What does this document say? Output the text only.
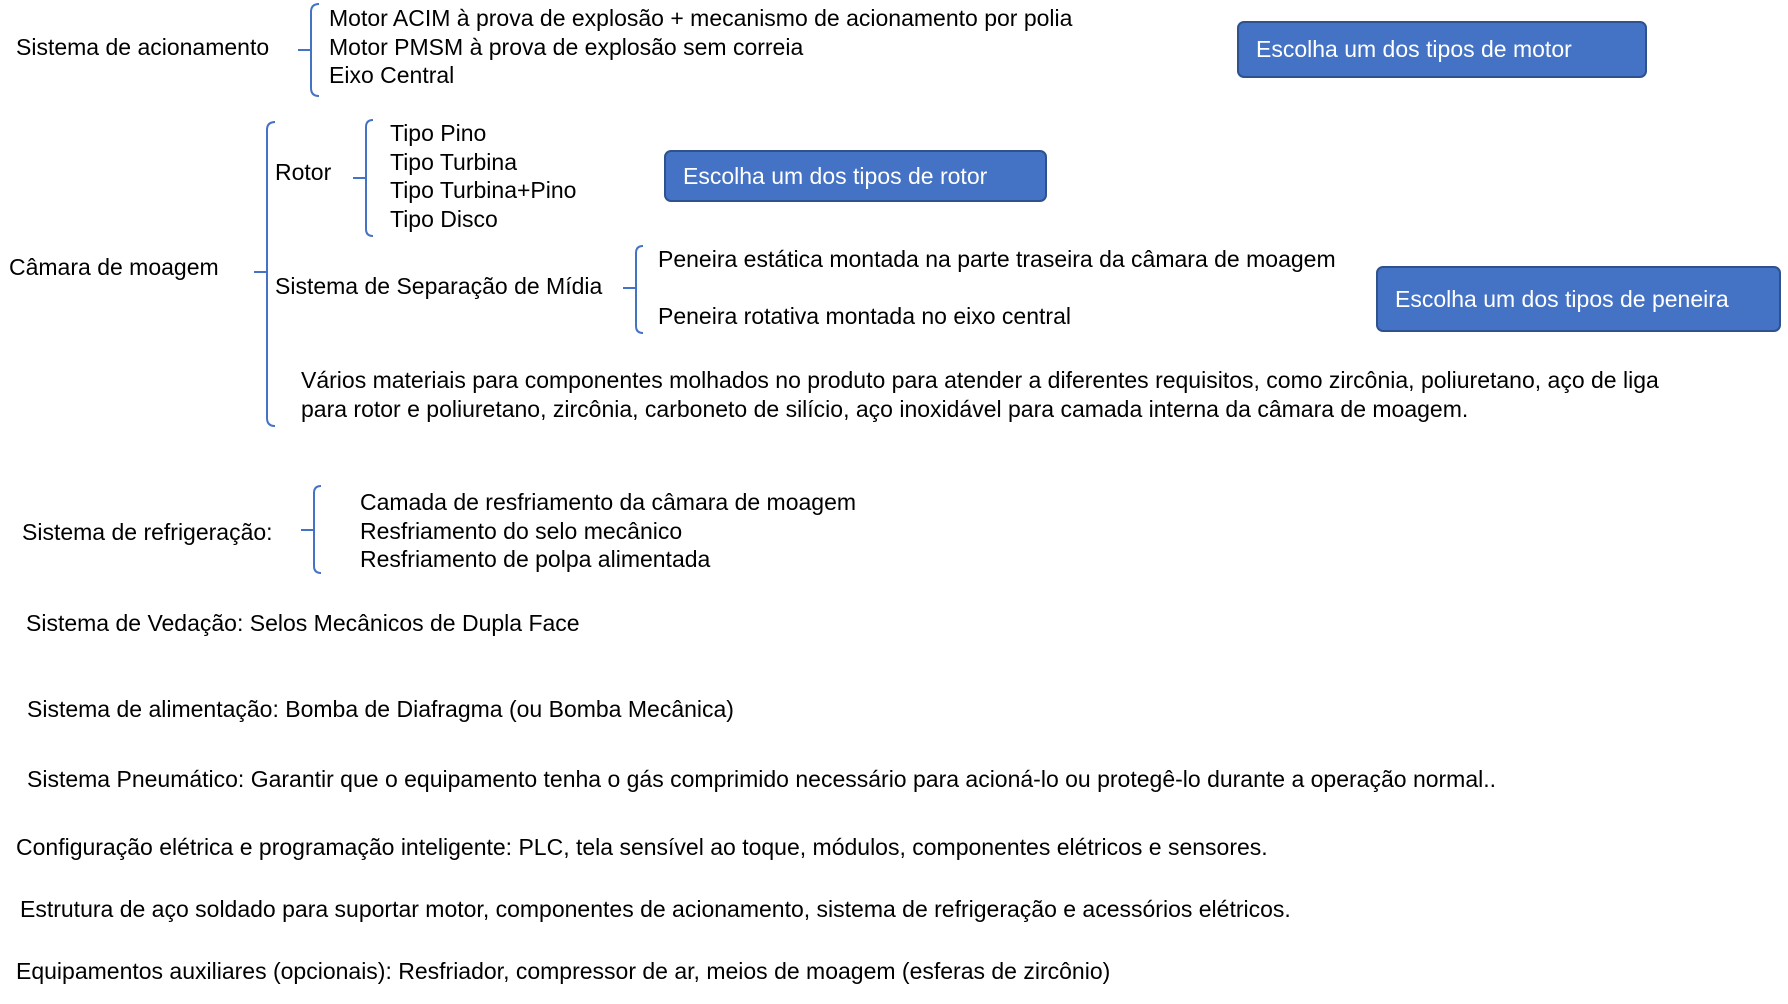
Sistema de acionamento
Motor ACIM à prova de explosão + mecanismo de acionamento por polia
Motor PMSM à prova de explosão sem correia
Eixo Central
Escolha um dos tipos de motor
Câmara de moagem
Rotor
Tipo Pino
Tipo Turbina
Tipo Turbina+Pino
Tipo Disco
Escolha um dos tipos de rotor
Sistema de Separação de Mídia
Peneira estática montada na parte traseira da câmara de moagem
Peneira rotativa montada no eixo central
Escolha um dos tipos de peneira
Vários materiais para componentes molhados no produto para atender a diferentes requisitos, como zircônia, poliuretano, aço de liga para rotor e poliuretano, zircônia, carboneto de silício, aço inoxidável para camada interna da câmara de moagem.
Sistema de refrigeração:
Camada de resfriamento da câmara de moagem
Resfriamento do selo mecânico
Resfriamento de polpa alimentada
Sistema de Vedação: Selos Mecânicos de Dupla Face
Sistema de alimentação: Bomba de Diafragma (ou Bomba Mecânica)
Sistema Pneumático: Garantir que o equipamento tenha o gás comprimido necessário para acioná-lo ou protegê-lo durante a operação normal..
Configuração elétrica e programação inteligente: PLC, tela sensível ao toque, módulos, componentes elétricos e sensores.
Estrutura de aço soldado para suportar motor, componentes de acionamento, sistema de refrigeração e acessórios elétricos.
Equipamentos auxiliares (opcionais): Resfriador, compressor de ar, meios de moagem (esferas de zircônio)
